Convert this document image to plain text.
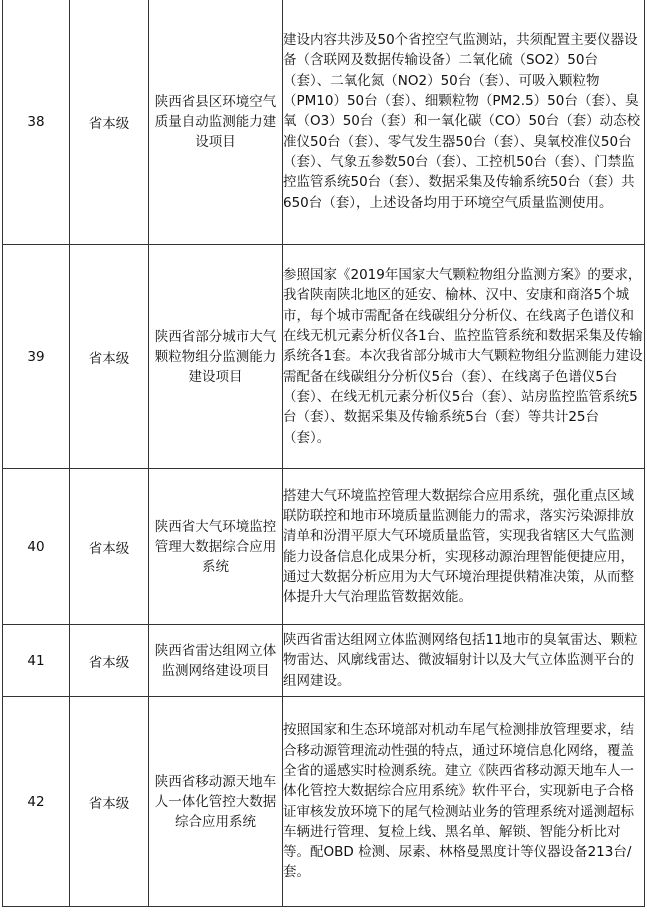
38	省本级	陕西省县区环境空气质量自动监测能力建设项目	建设内容共涉及50个省控空气监测站，共须配置主要仪器设备（含联网及数据传输设备）二氧化硫（SO2）50台（套）、二氧化氮（NO2）50台（套）、可吸入颗粒物（PM10）50台（套）、细颗粒物（PM2.5）50台（套）、臭氧（O3）50台（套）和一氧化碳（CO）50台（套）动态校准仪50台（套）、零气发生器50台（套）、臭氧校准仪50台（套）、气象五参数50台（套）、工控机50台（套）、门禁监控监管系统50台（套）、数据采集及传输系统50台（套）共650台（套），上述设备均用于环境空气质量监测使用。

39	省本级	陕西省部分城市大气颗粒物组分监测能力建设项目	参照国家《2019年国家大气颗粒物组分监测方案》的要求，我省陕南陕北地区的延安、榆林、汉中、安康和商洛5个城市，每个城市需配备在线碳组分分析仪、在线离子色谱仪和在线无机元素分析仪各1台、监控监管系统和数据采集及传输系统各1套。本次我省部分城市大气颗粒物组分监测能力建设需配备在线碳组分分析仪5台（套）、在线离子色谱仪5台（套）、在线无机元素分析仪5台（套）、站房监控监管系统5台（套）、数据采集及传输系统5台（套）等共计25台（套）。

40	省本级	陕西省大气环境监控管理大数据综合应用系统	搭建大气环境监控管理大数据综合应用系统，强化重点区域联防联控和地市环境质量监测能力的需求，落实污染源排放清单和汾渭平原大气环境质量监管，实现我省辖区大气监测能力设备信息化成果分析，实现移动源治理智能便捷应用，通过大数据分析应用为大气环境治理提供精准决策，从而整体提升大气治理监管数据效能。

41	省本级	陕西省雷达组网立体监测网络建设项目	陕西省雷达组网立体监测网络包括11地市的臭氧雷达、颗粒物雷达、风廓线雷达、微波辐射计以及大气立体监测平台的组网建设。

42	省本级	陕西省移动源天地车人一体化管控大数据综合应用系统	按照国家和生态环境部对机动车尾气检测排放管理要求，结合移动源管理流动性强的特点，通过环境信息化网络，覆盖全省的遥感实时检测系统。建立《陕西省移动源天地车人一体化管控大数据综合应用系统》软件平台，实现新电子合格证审核发放环境下的尾气检测站业务的管理系统对遥测超标车辆进行管理、复检上线、黑名单、解锁、智能分析比对等。配OBD 检测、尿素、林格曼黑度计等仪器设备213台/套。
